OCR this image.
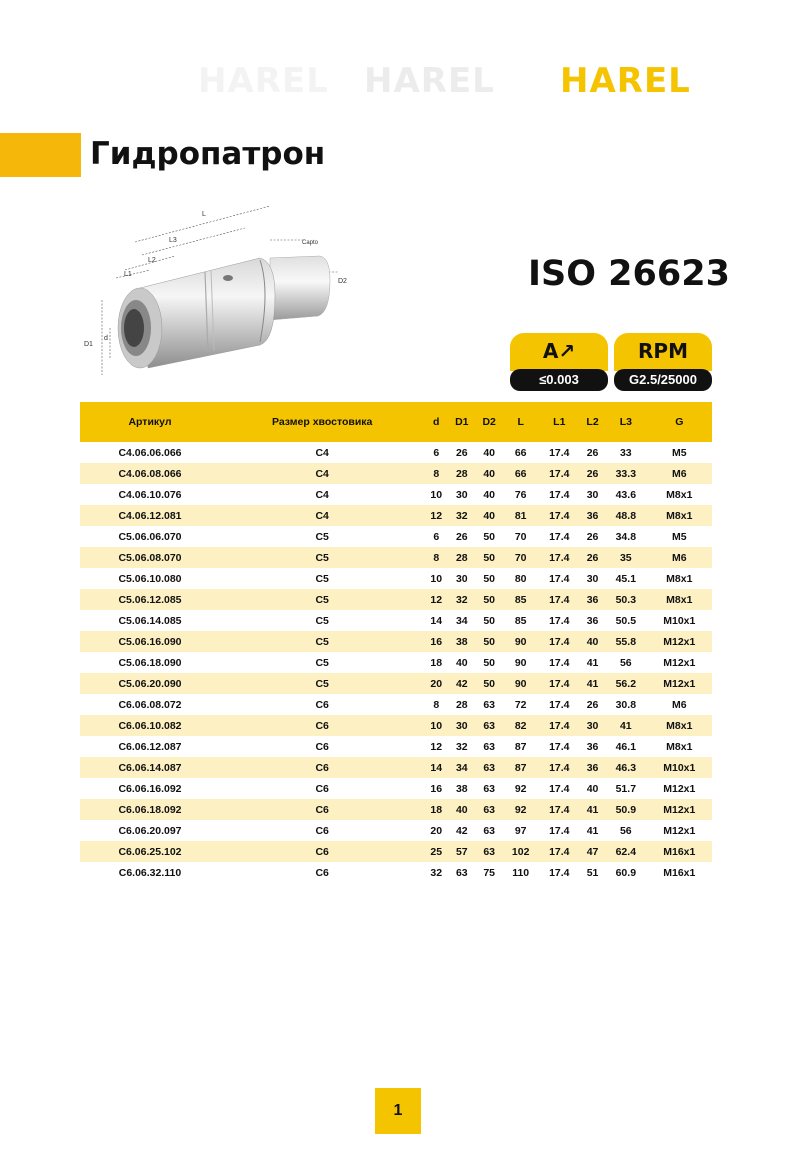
HAREL HAREL HAREL
Гидропатрон
L
L3
L2
L1
Capto
D2
D1
d
ISO 26623
A↗
≤0.003
RPM
G2.5/25000
Артикул	Размер хвостовика	d	D1	D2	L	L1	L2	L3	G
C4.06.06.066	C4	6	26	40	66	17.4	26	33	M5
C4.06.08.066	C4	8	28	40	66	17.4	26	33.3	M6
C4.06.10.076	C4	10	30	40	76	17.4	30	43.6	M8x1
C4.06.12.081	C4	12	32	40	81	17.4	36	48.8	M8x1
C5.06.06.070	C5	6	26	50	70	17.4	26	34.8	M5
C5.06.08.070	C5	8	28	50	70	17.4	26	35	M6
C5.06.10.080	C5	10	30	50	80	17.4	30	45.1	M8x1
C5.06.12.085	C5	12	32	50	85	17.4	36	50.3	M8x1
C5.06.14.085	C5	14	34	50	85	17.4	36	50.5	M10x1
C5.06.16.090	C5	16	38	50	90	17.4	40	55.8	M12x1
C5.06.18.090	C5	18	40	50	90	17.4	41	56	M12x1
C5.06.20.090	C5	20	42	50	90	17.4	41	56.2	M12x1
C6.06.08.072	C6	8	28	63	72	17.4	26	30.8	M6
C6.06.10.082	C6	10	30	63	82	17.4	30	41	M8x1
C6.06.12.087	C6	12	32	63	87	17.4	36	46.1	M8x1
C6.06.14.087	C6	14	34	63	87	17.4	36	46.3	M10x1
C6.06.16.092	C6	16	38	63	92	17.4	40	51.7	M12x1
C6.06.18.092	C6	18	40	63	92	17.4	41	50.9	M12x1
C6.06.20.097	C6	20	42	63	97	17.4	41	56	M12x1
C6.06.25.102	C6	25	57	63	102	17.4	47	62.4	M16x1
C6.06.32.110	C6	32	63	75	110	17.4	51	60.9	M16x1
1
